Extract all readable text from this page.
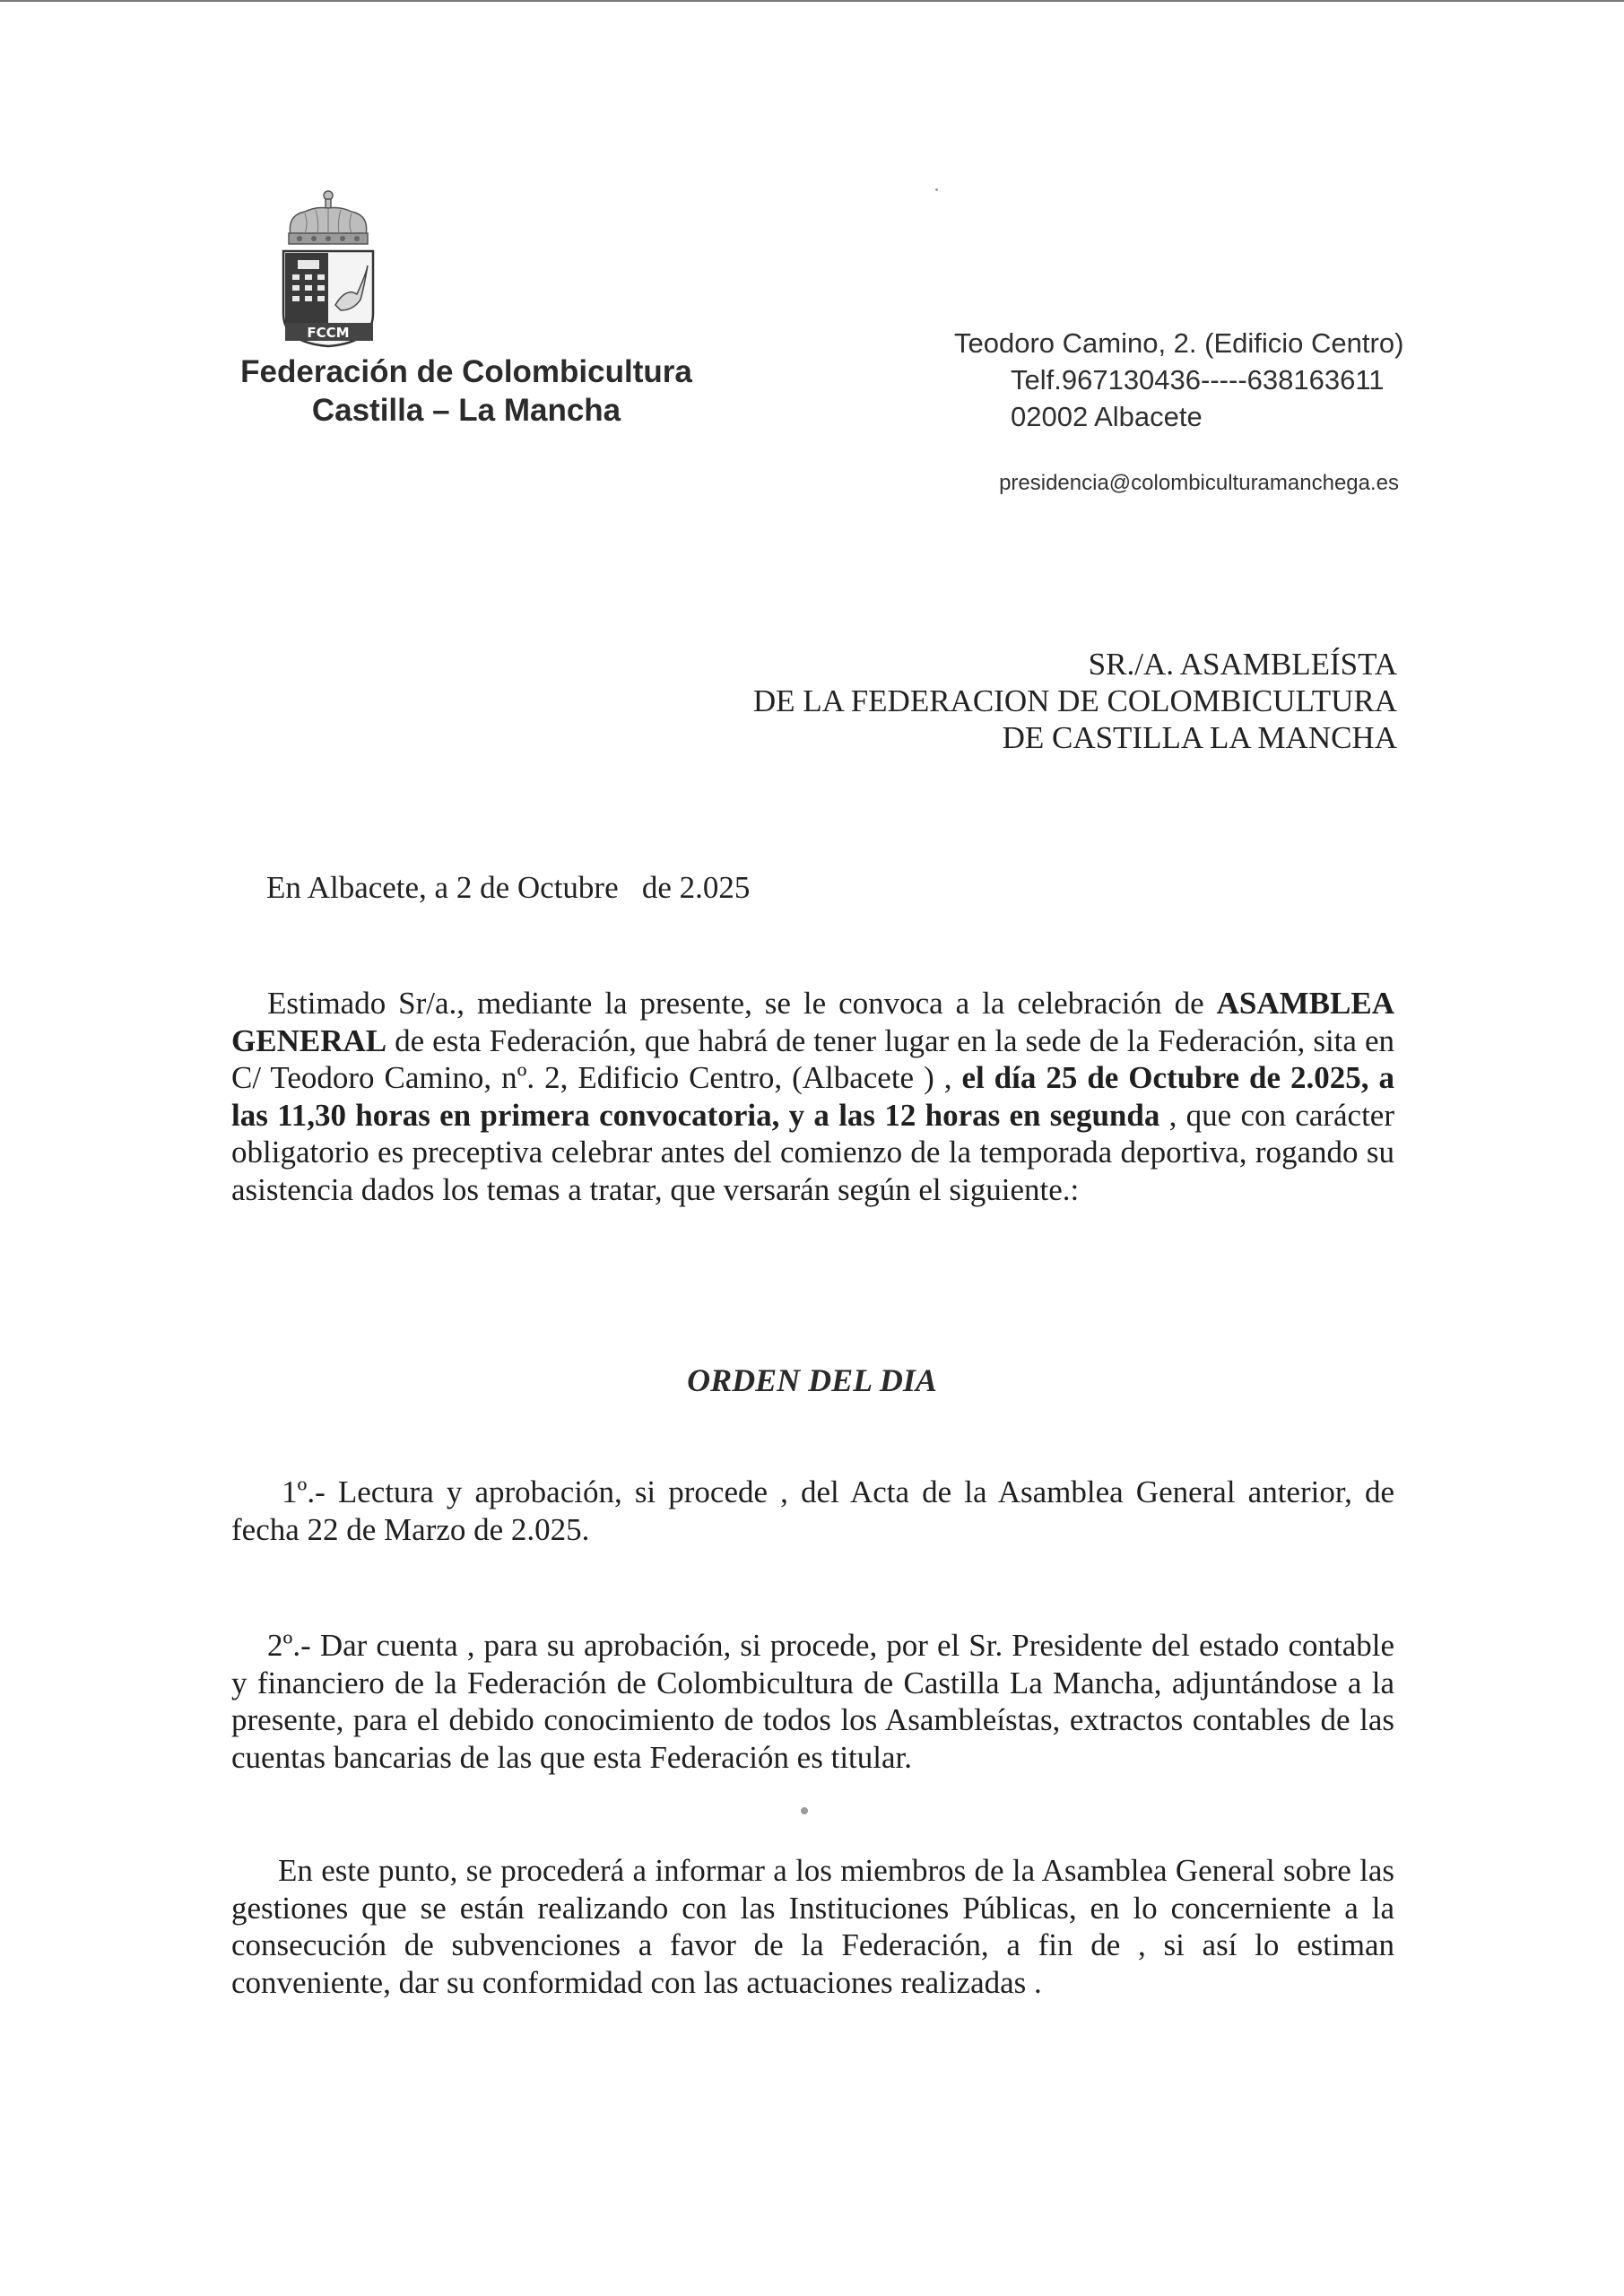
FCCM
Federación de Colombicultura
Castilla – La Mancha
Teodoro Camino, 2. (Edificio Centro)
Telf.967130436-----638163611
02002 Albacete
presidencia@colombiculturamanchega.es
SR./A. ASAMBLEÍSTA
DE LA FEDERACION DE COLOMBICULTURA
DE CASTILLA LA MANCHA
En Albacete, a 2 de Octubre   de 2.025
Estimado Sr/a., mediante la presente, se le convoca a la celebración de ASAMBLEA GENERAL de esta Federación, que habrá de tener lugar en la sede de la Federación, sita en C/ Teodoro Camino, nº. 2, Edificio Centro, (Albacete ) , el día 25 de Octubre de 2.025, a las 11,30 horas en primera convocatoria, y a las 12 horas en segunda , que con carácter obligatorio es preceptiva celebrar antes del comienzo de la temporada deportiva, rogando su asistencia dados los temas a tratar, que versarán según el siguiente.:
ORDEN DEL DIA
1º.- Lectura y aprobación, si procede , del Acta de la Asamblea General anterior, de fecha 22 de Marzo de 2.025.
2º.- Dar cuenta , para su aprobación, si procede, por el Sr. Presidente del estado contable y financiero de la Federación de Colombicultura de Castilla La Mancha, adjuntándose a la presente, para el debido conocimiento de todos los Asambleístas, extractos contables de las cuentas bancarias de las que esta Federación es titular.
En este punto, se procederá a informar a los miembros de la Asamblea General sobre las gestiones que se están realizando con las Instituciones Públicas, en lo concerniente a la consecución de subvenciones a favor de la Federación, a fin de , si así lo estiman conveniente, dar su conformidad con las actuaciones realizadas .
